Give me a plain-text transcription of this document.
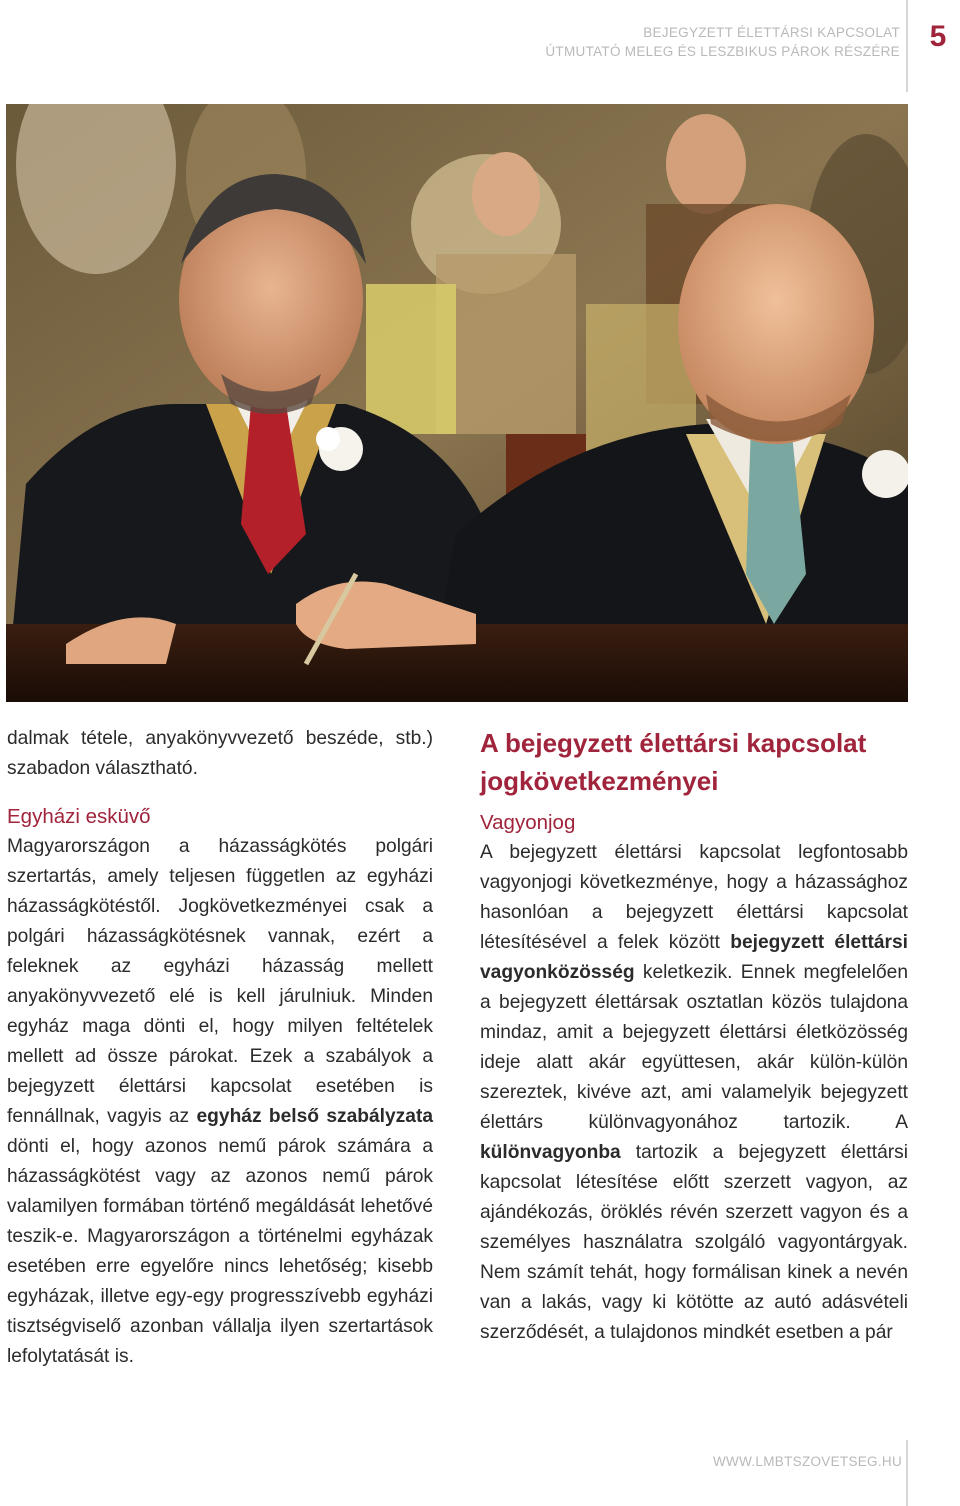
BEJEGYZETT ÉLETTÁRSI KAPCSOLAT
ÚTMUTATÓ MELEG ÉS LESZBIKUS PÁROK RÉSZÉRE 5

dalmak tétele, anyakönyvvezető beszéde, stb.) szabadon választható.

Egyházi esküvő

Magyarországon a házasságkötés polgári szertartás, amely teljesen független az egyházi házasságkötéstől. Jogkövetkezményei csak a polgári házasságkötésnek vannak, ezért a feleknek az egyházi házasság mellett anyakönyvvezető elé is kell járulniuk. Minden egyház maga dönti el, hogy milyen feltételek mellett ad össze párokat. Ezek a szabályok a bejegyzett élettársi kapcsolat esetében is fennállnak, vagyis az egyház belső szabályzata dönti el, hogy azonos nemű párok számára a házasságkötést vagy az azonos nemű párok valamilyen formában történő megáldását lehetővé teszik-e. Magyarországon a történelmi egyházak esetében erre egyelőre nincs lehetőség; kisebb egyházak, illetve egy-egy progresszívebb egyházi tisztségviselő azonban vállalja ilyen szertartások lefolytatását is.

A bejegyzett élettársi kapcsolat jogkövetkezményei
Vagyonjog

A bejegyzett élettársi kapcsolat legfontosabb vagyonjogi következménye, hogy a házassághoz hasonlóan a bejegyzett élettársi kapcsolat létesítésével a felek között bejegyzett élettársi vagyonközösség keletkezik. Ennek megfelelően a bejegyzett élettársak osztatlan közös tulajdona mindaz, amit a bejegyzett élettársi életközösség ideje alatt akár együttesen, akár külön-külön szereztek, kivéve azt, ami valamelyik bejegyzett élettárs különvagyonához tartozik. A különvagyonba tartozik a bejegyzett élettársi kapcsolat létesítése előtt szerzett vagyon, az ajándékozás, öröklés révén szerzett vagyon és a személyes használatra szolgáló vagyontárgyak. Nem számít tehát, hogy formálisan kinek a nevén van a lakás, vagy ki kötötte az autó adásvételi szerződését, a tulajdonos mindkét esetben a pár

WWW.LMBTSZOVETSEG.HU
